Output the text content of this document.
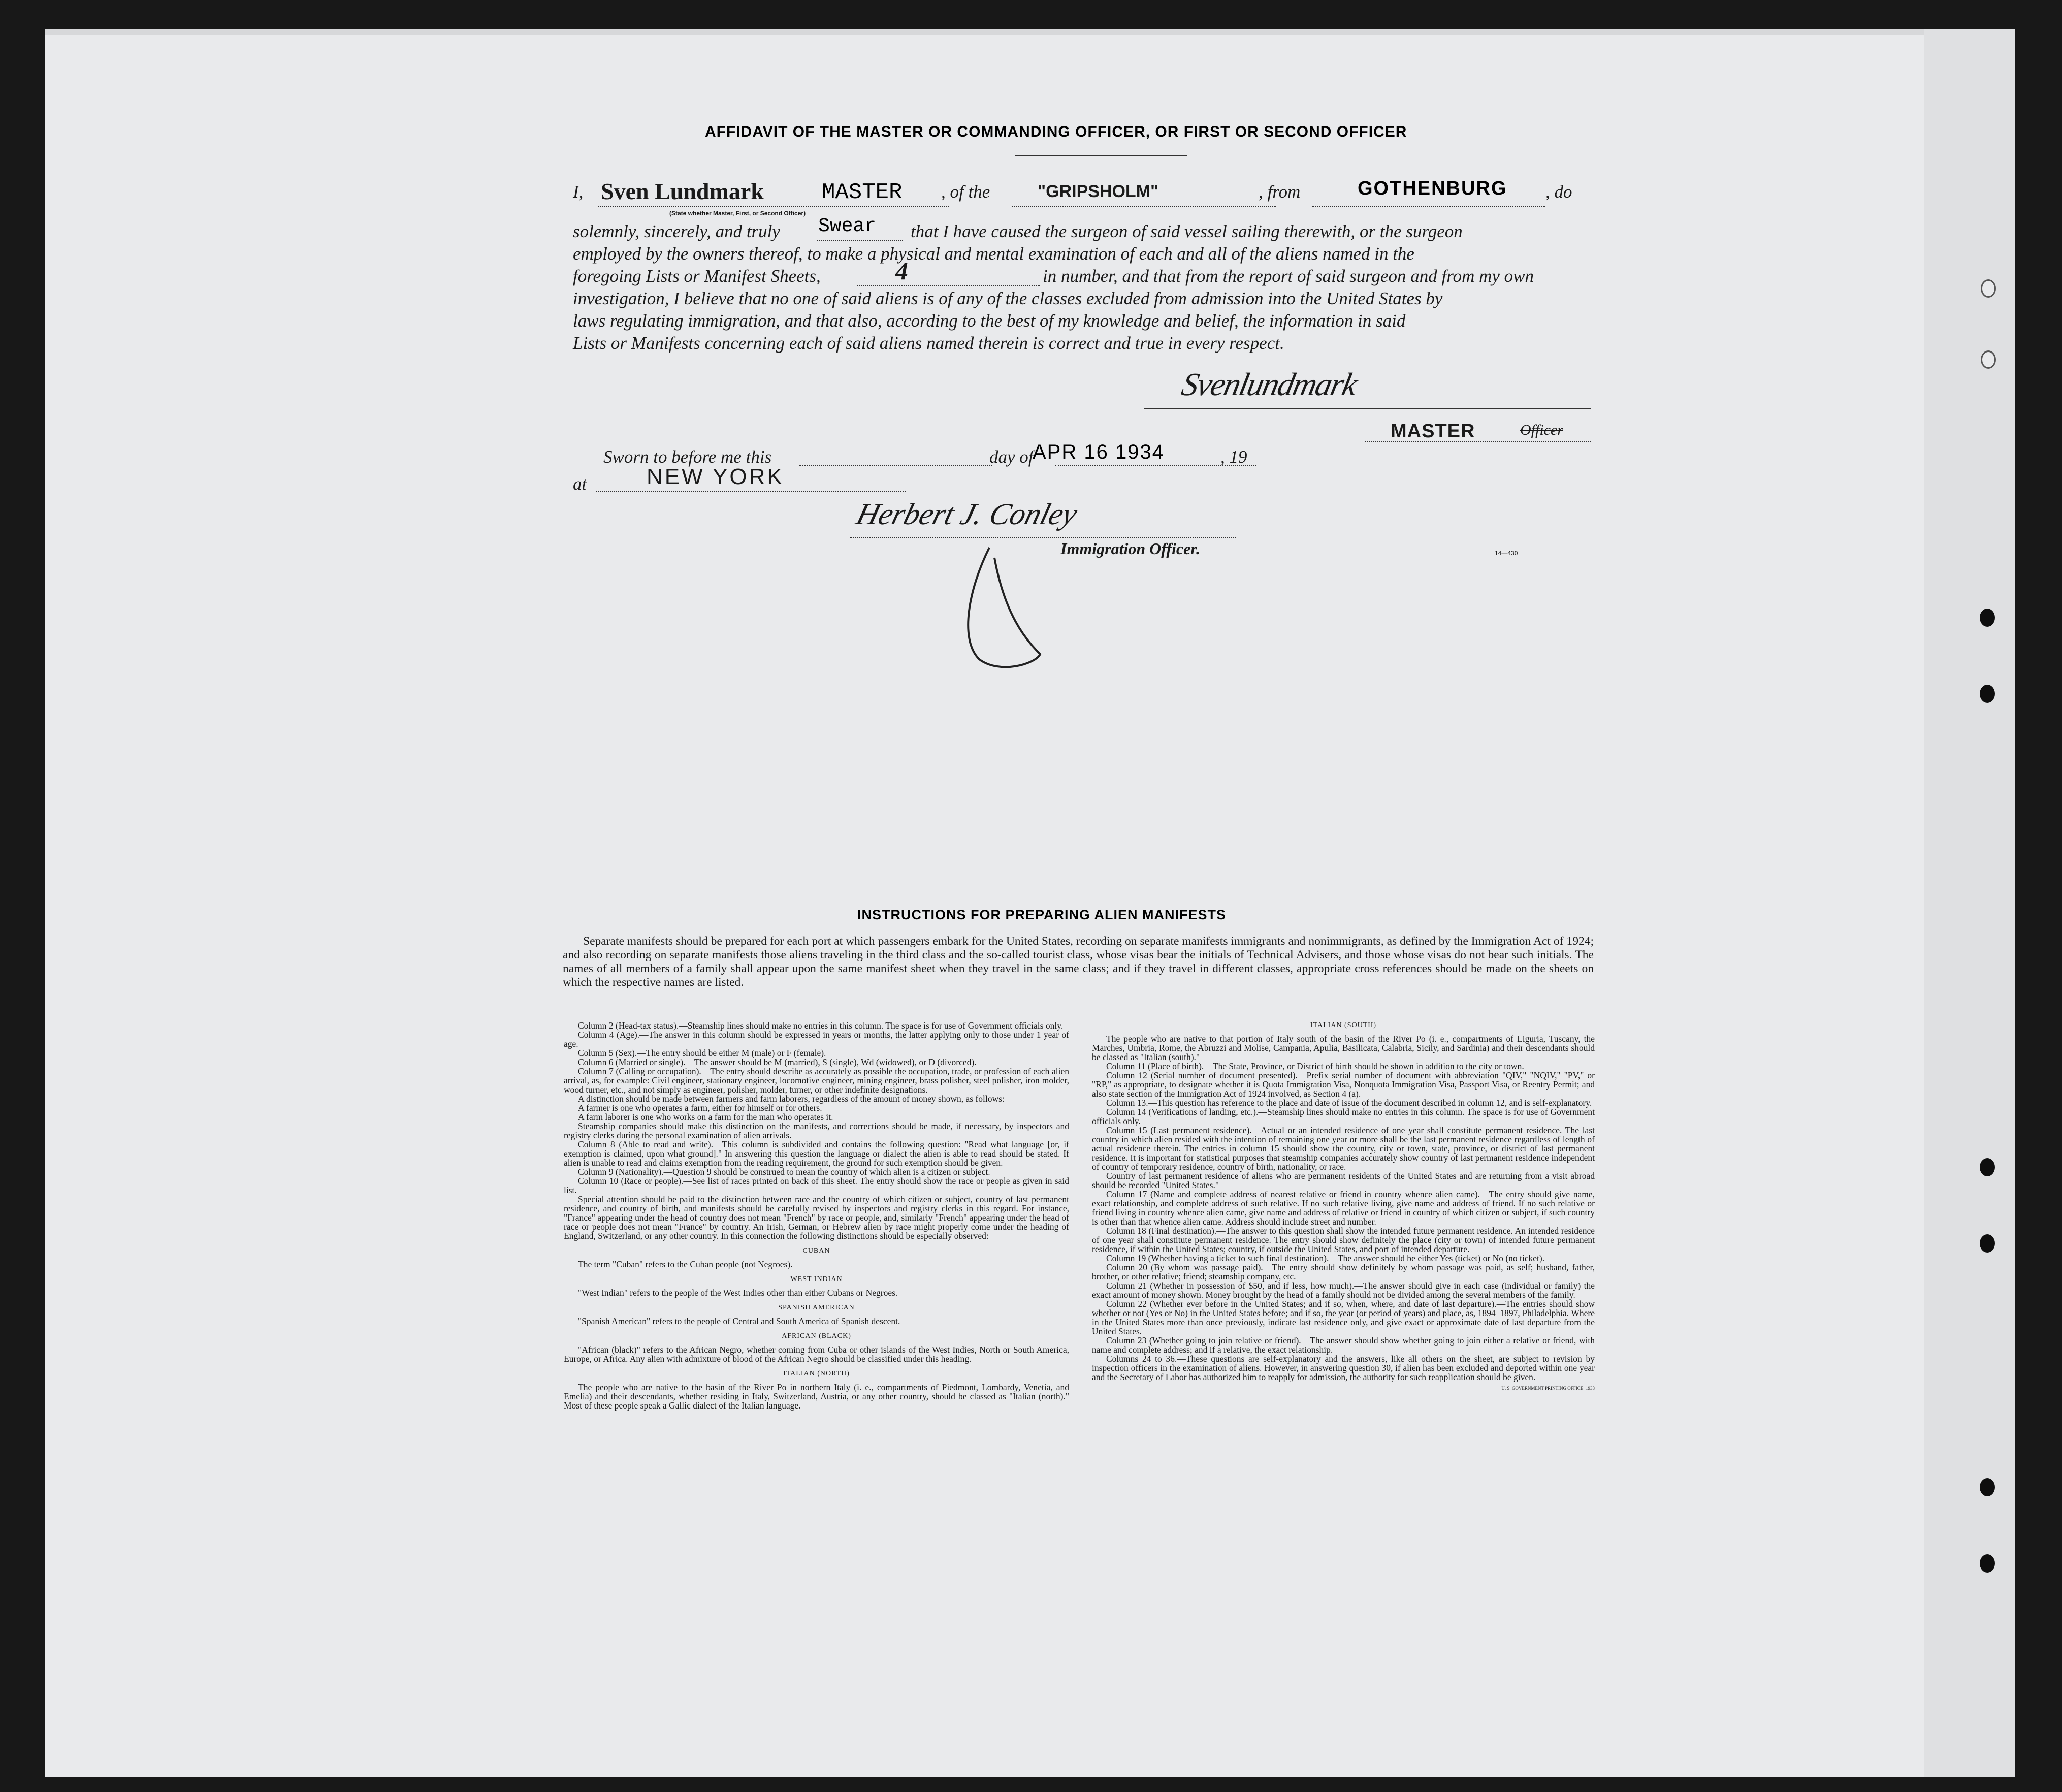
AFFIDAVIT OF THE MASTER OR COMMANDING OFFICER, OR FIRST OR SECOND OFFICER
I, Sven Lundmark	MASTER
(State whether Master, First, or Second Officer)
, of the	"GRIPSHOLM"	, from	GOTHENBURG , do
solemnly, sincerely, and truly Swear that I have caused the surgeon of said vessel sailing therewith, or the surgeon
employed by the owners thereof, to make a physical and mental examination of each and all of the aliens named in the
foregoing Lists or Manifest Sheets,	4	in number, and that from the report of said surgeon and from my own
investigation, I believe that no one of said aliens is of any of the classes excluded from admission into the United States by
laws regulating immigration, and that also, according to the best of my knowledge and belief, the information in said
Lists or Manifests concerning each of said aliens named therein is correct and true in every respect.
Svenlundmark
MASTER	Officer
Sworn to before me this	day of
APR 16 1934	, 19
at	NEW YORK
Herbert J. Conley
Immigration Officer.	14—430
INSTRUCTIONS FOR PREPARING ALIEN MANIFESTS
Separate manifests should be prepared for each port at which passengers embark for the United States, recording on separate manifests immigrants and nonimmigrants, as defined by the Immigration Act of 1924; and also recording on separate manifests those aliens traveling in the third class and the so-called tourist class, whose visas bear the initials of Technical Advisers, and those whose visas do not bear such initials. The names of all members of a family shall appear upon the same manifest sheet when they travel in the same class; and if they travel in different classes, appropriate cross references should be made on the sheets on which the respective names are listed.

Column 2 (Head-tax status).—Steamship lines should make no entries in this column. The space is for use of Government officials only.

Column 4 (Age).—The answer in this column should be expressed in years or months, the latter applying only to those under 1 year of age.

Column 5 (Sex).—The entry should be either M (male) or F (female).

Column 6 (Married or single).—The answer should be M (married), S (single), Wd (widowed), or D (divorced).

Column 7 (Calling or occupation).—The entry should describe as accurately as possible the occupation, trade, or profession of each alien arrival, as, for example: Civil engineer, stationary engineer, locomotive engineer, mining engineer, brass polisher, steel polisher, iron molder, wood turner, etc., and not simply as engineer, polisher, molder, turner, or other indefinite designations.

A distinction should be made between farmers and farm laborers, regardless of the amount of money shown, as follows:

A farmer is one who operates a farm, either for himself or for others.

A farm laborer is one who works on a farm for the man who operates it.

Steamship companies should make this distinction on the manifests, and corrections should be made, if necessary, by inspectors and registry clerks during the personal examination of alien arrivals.

Column 8 (Able to read and write).—This column is subdivided and contains the following question: "Read what language [or, if exemption is claimed, upon what ground]." In answering this question the language or dialect the alien is able to read should be stated. If alien is unable to read and claims exemption from the reading requirement, the ground for such exemption should be given.

Column 9 (Nationality).—Question 9 should be construed to mean the country of which alien is a citizen or subject.

Column 10 (Race or people).—See list of races printed on back of this sheet. The entry should show the race or people as given in said list.

Special attention should be paid to the distinction between race and the country of which citizen or subject, country of last permanent residence, and country of birth, and manifests should be carefully revised by inspectors and registry clerks in this regard. For instance, "France" appearing under the head of country does not mean "French" by race or people, and, similarly "French" appearing under the head of race or people does not mean "France" by country. An Irish, German, or Hebrew alien by race might properly come under the heading of England, Switzerland, or any other country. In this connection the following distinctions should be especially observed:

CUBAN

The term "Cuban" refers to the Cuban people (not Negroes).

WEST INDIAN

"West Indian" refers to the people of the West Indies other than either Cubans or Negroes.

SPANISH AMERICAN

"Spanish American" refers to the people of Central and South America of Spanish descent.

AFRICAN (BLACK)

"African (black)" refers to the African Negro, whether coming from Cuba or other islands of the West Indies, North or South America, Europe, or Africa. Any alien with admixture of blood of the African Negro should be classified under this heading.

ITALIAN (NORTH)

The people who are native to the basin of the River Po in northern Italy (i. e., compartments of Piedmont, Lombardy, Venetia, and Emelia) and their descendants, whether residing in Italy, Switzerland, Austria, or any other country, should be classed as "Italian (north)." Most of these people speak a Gallic dialect of the Italian language.

ITALIAN (SOUTH)

The people who are native to that portion of Italy south of the basin of the River Po (i. e., compartments of Liguria, Tuscany, the Marches, Umbria, Rome, the Abruzzi and Molise, Campania, Apulia, Basilicata, Calabria, Sicily, and Sardinia) and their descendants should be classed as "Italian (south)."

Column 11 (Place of birth).—The State, Province, or District of birth should be shown in addition to the city or town.

Column 12 (Serial number of document presented).—Prefix serial number of document with abbreviation "QIV," "NQIV," "PV," or "RP," as appropriate, to designate whether it is Quota Immigration Visa, Nonquota Immigration Visa, Passport Visa, or Reentry Permit; and also state section of the Immigration Act of 1924 involved, as Section 4 (a).

Column 13.—This question has reference to the place and date of issue of the document described in column 12, and is self-explanatory.

Column 14 (Verifications of landing, etc.).—Steamship lines should make no entries in this column. The space is for use of Government officials only.

Column 15 (Last permanent residence).—Actual or an intended residence of one year shall constitute permanent residence. The last country in which alien resided with the intention of remaining one year or more shall be the last permanent residence regardless of length of actual residence therein. The entries in column 15 should show the country, city or town, state, province, or district of last permanent residence. It is important for statistical purposes that steamship companies accurately show country of last permanent residence independent of country of temporary residence, country of birth, nationality, or race.

Country of last permanent residence of aliens who are permanent residents of the United States and are returning from a visit abroad should be recorded "United States."

Column 17 (Name and complete address of nearest relative or friend in country whence alien came).—The entry should give name, exact relationship, and complete address of such relative. If no such relative living, give name and address of friend. If no such relative or friend living in country whence alien came, give name and address of relative or friend in country of which citizen or subject, if such country is other than that whence alien came. Address should include street and number.

Column 18 (Final destination).—The answer to this question shall show the intended future permanent residence. An intended residence of one year shall constitute permanent residence. The entry should show definitely the place (city or town) of intended future permanent residence, if within the United States; country, if outside the United States, and port of intended departure.

Column 19 (Whether having a ticket to such final destination).—The answer should be either Yes (ticket) or No (no ticket).

Column 20 (By whom was passage paid).—The entry should show definitely by whom passage was paid, as self; husband, father, brother, or other relative; friend; steamship company, etc.

Column 21 (Whether in possession of $50, and if less, how much).—The answer should give in each case (individual or family) the exact amount of money shown. Money brought by the head of a family should not be divided among the several members of the family.

Column 22 (Whether ever before in the United States; and if so, when, where, and date of last departure).—The entries should show whether or not (Yes or No) in the United States before; and if so, the year (or period of years) and place, as, 1894–1897, Philadelphia. Where in the United States more than once previously, indicate last residence only, and give exact or approximate date of last departure from the United States.

Column 23 (Whether going to join relative or friend).—The answer should show whether going to join either a relative or friend, with name and complete address; and if a relative, the exact relationship.

Columns 24 to 36.—These questions are self-explanatory and the answers, like all others on the sheet, are subject to revision by inspection officers in the examination of aliens. However, in answering question 30, if alien has been excluded and deported within one year and the Secretary of Labor has authorized him to reapply for admission, the authority for such reapplication should be given.

U. S. GOVERNMENT PRINTING OFFICE: 1933
